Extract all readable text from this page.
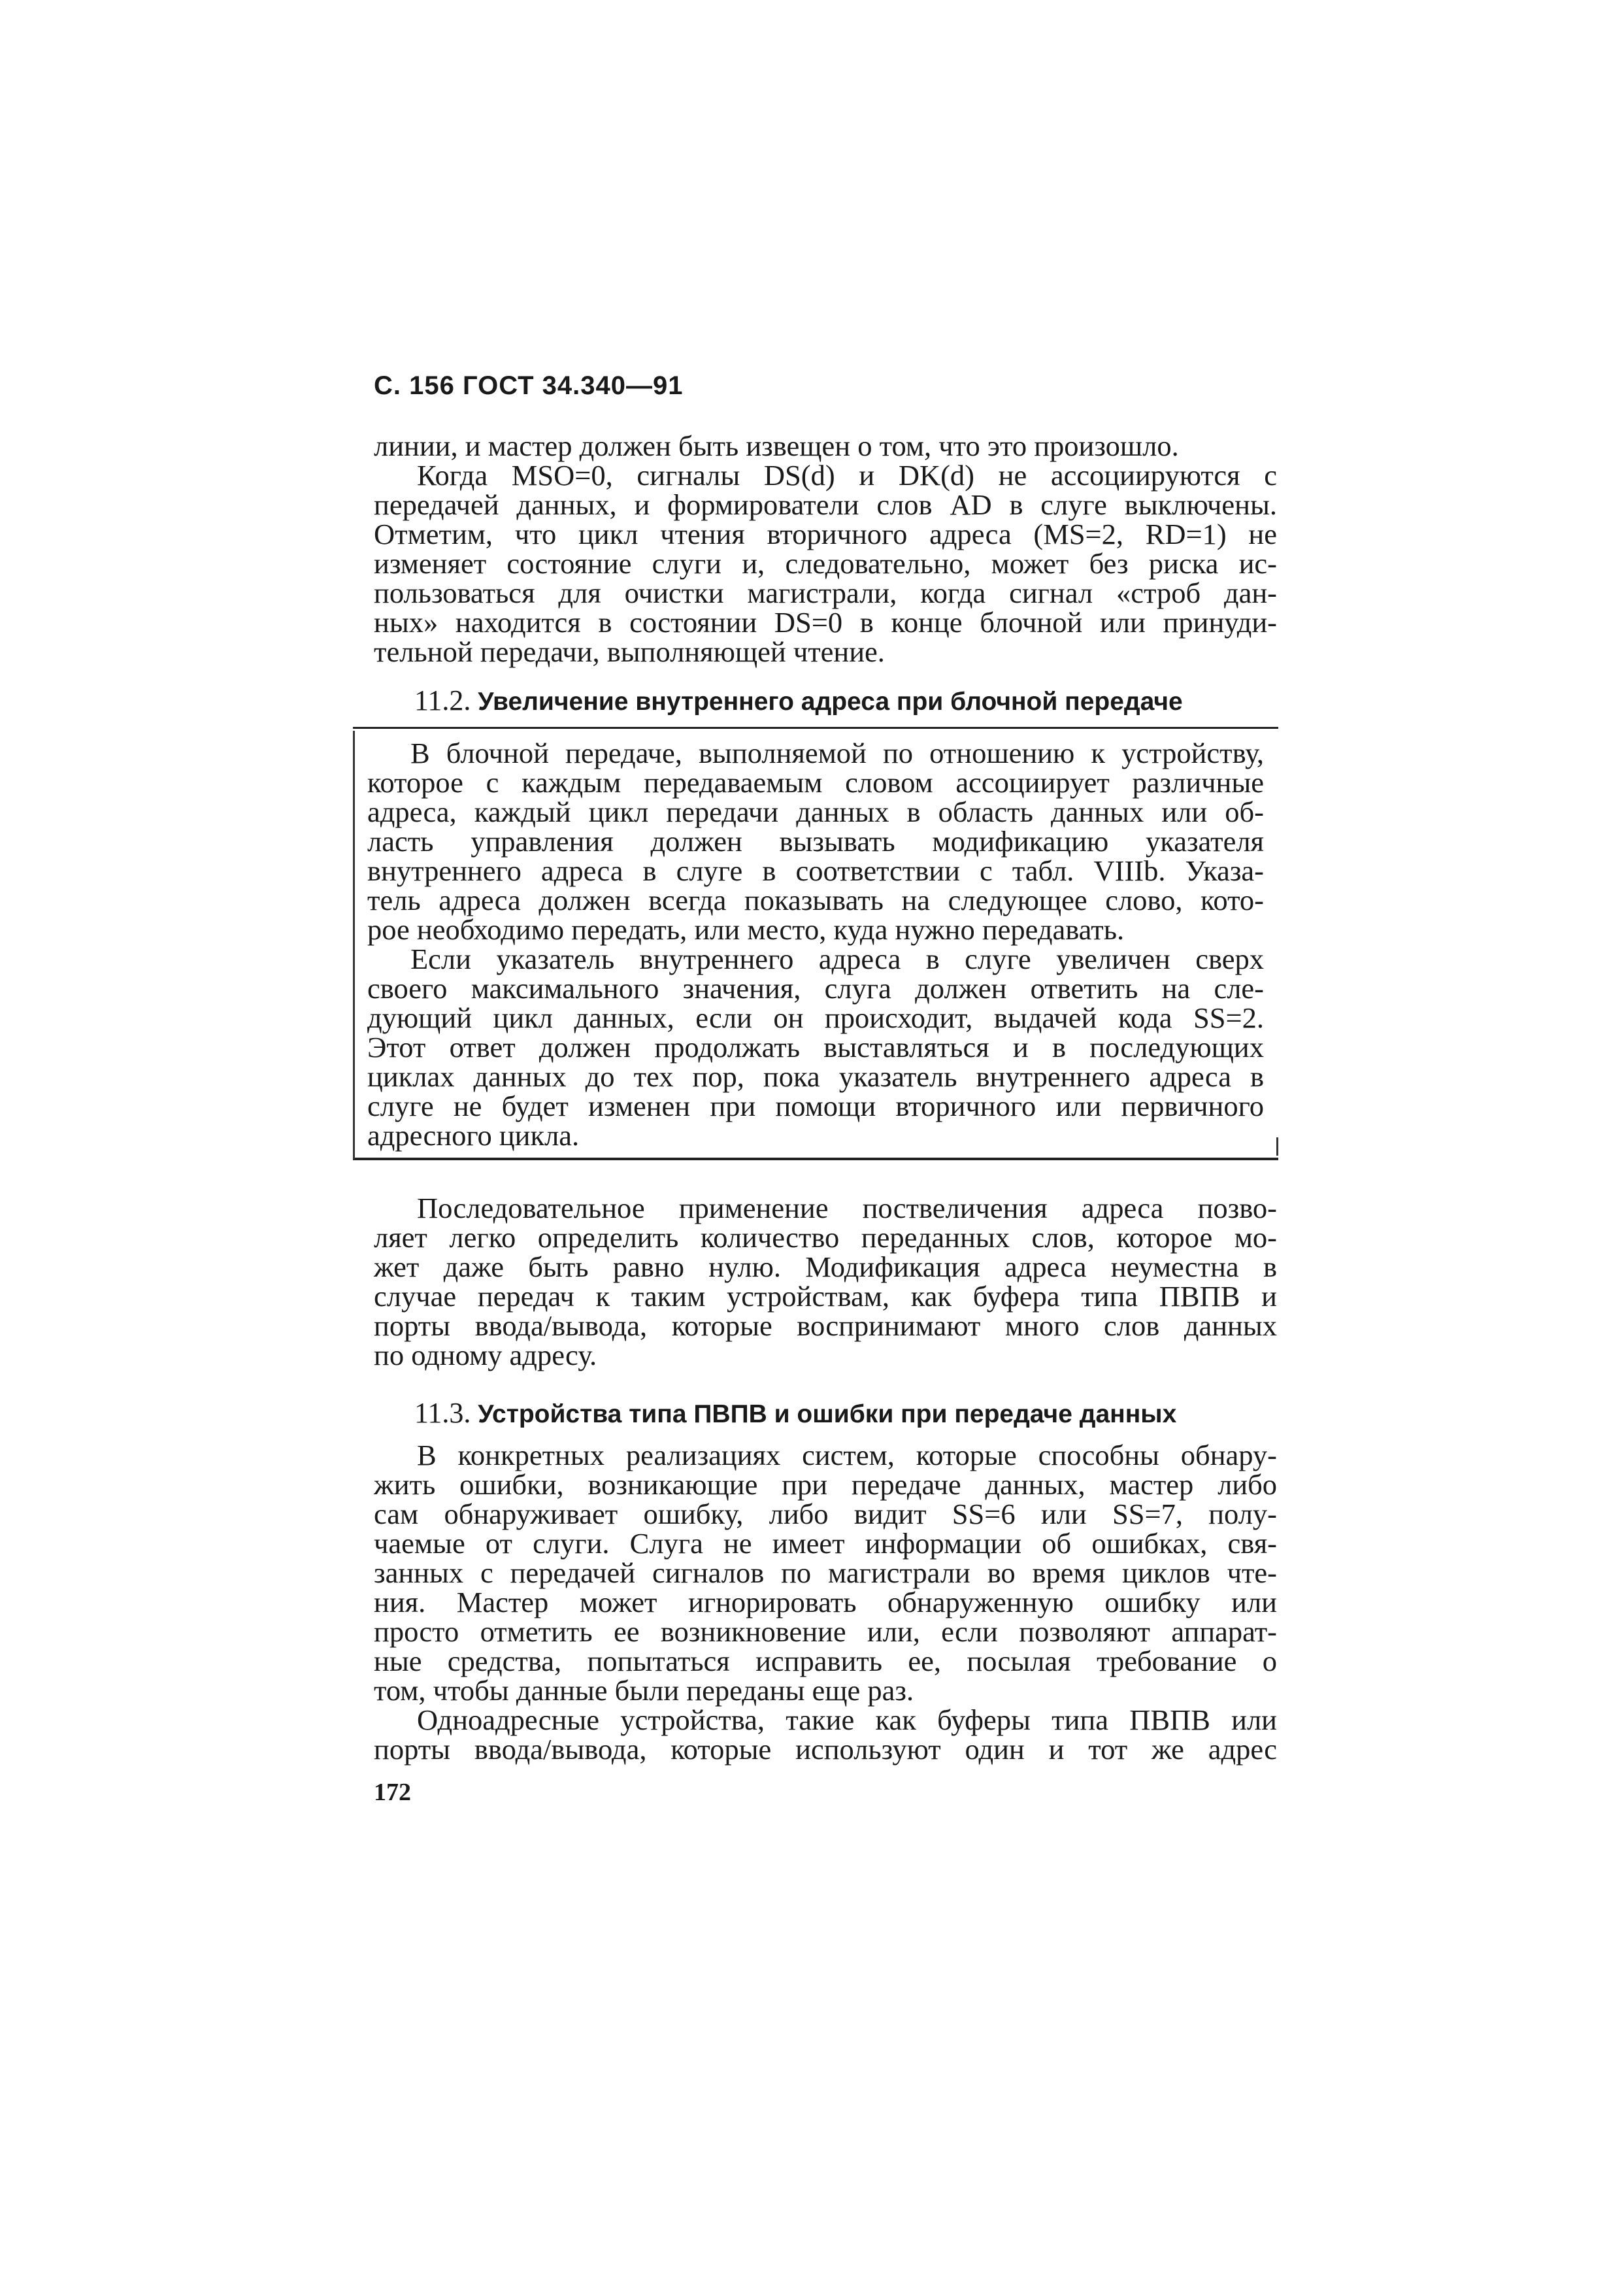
С. 156 ГОСТ 34.340—91

линии, и мастер должен быть извещен о том, что это произошло.

Когда MSO=0, сигналы DS(d) и DK(d) не ассоциируются с
передачей данных, и формирователи слов AD в слуге выключены.
Отметим, что цикл чтения вторичного адреса (MS=2, RD=1) не
изменяет состояние слуги и, следовательно, может без риска ис-
пользоваться для очистки магистрали, когда сигнал «строб дан-
ных» находится в состоянии DS=0 в конце блочной или принуди-
тельной передачи, выполняющей чтение.
11.2. Увеличение внутреннего адреса при блочной передаче
В блочной передаче, выполняемой по отношению к устройству,
которое с каждым передаваемым словом ассоциирует различные
адреса, каждый цикл передачи данных в область данных или об-
ласть управления должен вызывать модификацию указателя
внутреннего адреса в слуге в соответствии с табл. VIIIb. Указа-
тель адреса должен всегда показывать на следующее слово, кото-
рое необходимо передать, или место, куда нужно передавать.
Если указатель внутреннего адреса в слуге увеличен сверх
своего максимального значения, слуга должен ответить на сле-
дующий цикл данных, если он происходит, выдачей кода SS=2.
Этот ответ должен продолжать выставляться и в последующих
циклах данных до тех пор, пока указатель внутреннего адреса в
слуге не будет изменен при помощи вторичного или первичного
адресного цикла.
Последовательное применение поствеличения адреса позво-
ляет легко определить количество переданных слов, которое мо-
жет даже быть равно нулю. Модификация адреса неуместна в
случае передач к таким устройствам, как буфера типа ПВПВ и
порты ввода/вывода, которые воспринимают много слов данных
по одному адресу.
11.3. Устройства типа ПВПВ и ошибки при передаче данных
В конкретных реализациях систем, которые способны обнару-
жить ошибки, возникающие при передаче данных, мастер либо
сам обнаруживает ошибку, либо видит SS=6 или SS=7, полу-
чаемые от слуги. Слуга не имеет информации об ошибках, свя-
занных с передачей сигналов по магистрали во время циклов чте-
ния. Мастер может игнорировать обнаруженную ошибку или
просто отметить ее возникновение или, если позволяют аппарат-
ные средства, попытаться исправить ее, посылая требование о
том, чтобы данные были переданы еще раз.
Одноадресные устройства, такие как буферы типа ПВПВ или
порты ввода/вывода, которые используют один и тот же адрес
172
